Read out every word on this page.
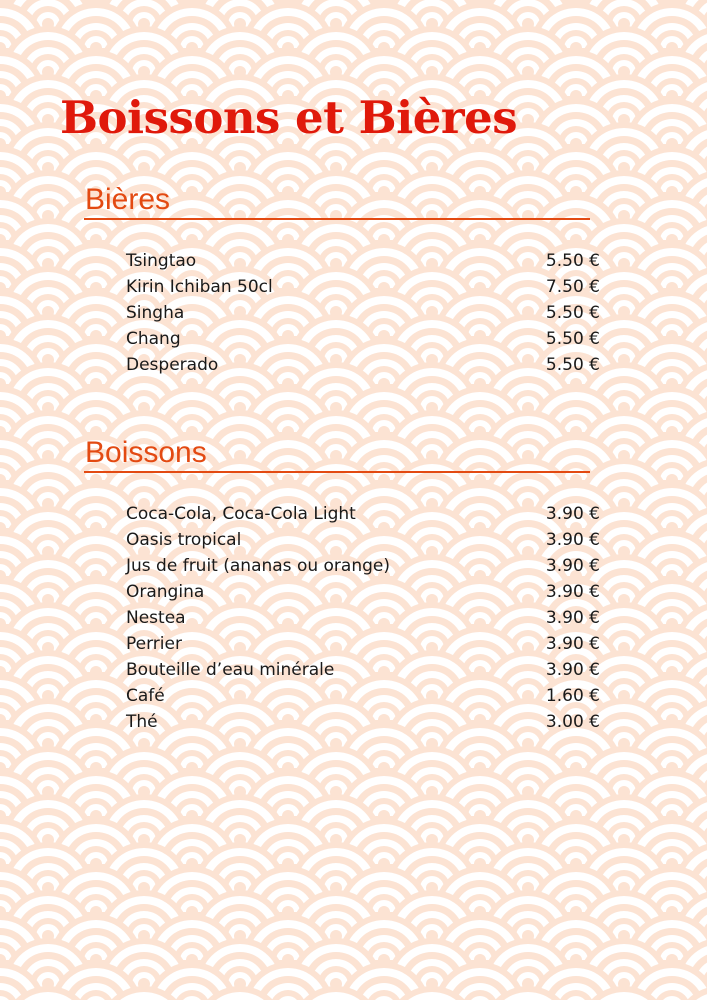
Boissons et Bières
Bières
Tsingtao	5.50 €
Kirin Ichiban 50cl	7.50 €
Singha	5.50 €
Chang	5.50 €
Desperado	5.50 €
Boissons
Coca-Cola, Coca-Cola Light	3.90 €
Oasis tropical	3.90 €
Jus de fruit (ananas ou orange)	3.90 €
Orangina	3.90 €
Nestea	3.90 €
Perrier	3.90 €
Bouteille d’eau minérale	3.90 €
Café	1.60 €
Thé	3.00 €
